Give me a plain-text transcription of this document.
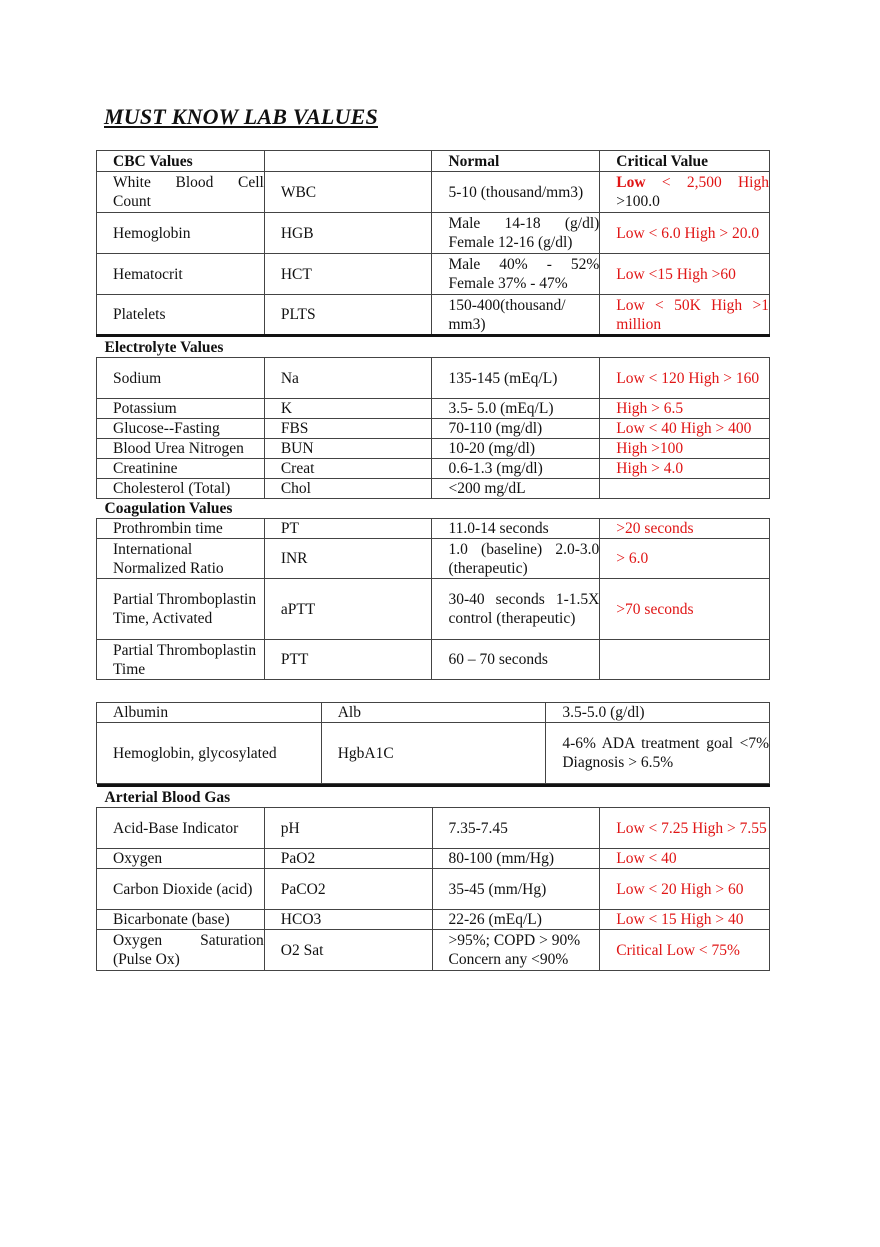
MUST KNOW LAB VALUES
CBC Values		Normal	Critical Value
White Blood Cell Count	WBC	5-10 (thousand/mm3)	Low < 2,500 High >100.0
Hemoglobin	HGB	Male 14-18 (g/dl) Female 12-16 (g/dl)	Low < 6.0 High > 20.0
Hematocrit	HCT	Male 40% - 52% Female 37% - 47%	Low <15 High >60
Platelets	PLTS	150-400(thousand/ mm3)	Low < 50K High >1 million
Electrolyte Values			
Sodium	Na	135-145 (mEq/L)	Low < 120 High > 160
Potassium	K	3.5- 5.0 (mEq/L)	High > 6.5
Glucose--Fasting	FBS	70-110 (mg/dl)	Low < 40 High > 400
Blood Urea Nitrogen	BUN	10-20 (mg/dl)	High >100
Creatinine	Creat	0.6-1.3 (mg/dl)	High > 4.0
Cholesterol (Total)	Chol	<200 mg/dL	
Coagulation Values			
Prothrombin time	PT	11.0-14 seconds	>20 seconds
International Normalized Ratio	INR	1.0 (baseline) 2.0-3.0 (therapeutic)	> 6.0
Partial Thromboplastin Time, Activated	aPTT	30-40 seconds 1-1.5X control (therapeutic)	>70 seconds
Partial Thromboplastin Time	PTT	60 – 70 seconds	
Albumin	Alb	3.5-5.0 (g/dl)
Hemoglobin, glycosylated	HgbA1C	4-6% ADA treatment goal <7% Diagnosis > 6.5%
Arterial Blood Gas			
Acid-Base Indicator	pH	7.35-7.45	Low < 7.25 High > 7.55
Oxygen	PaO2	80-100 (mm/Hg)	Low < 40
Carbon Dioxide (acid)	PaCO2	35-45 (mm/Hg)	Low < 20 High > 60
Bicarbonate (base)	HCO3	22-26 (mEq/L)	Low < 15 High > 40
Oxygen Saturation (Pulse Ox)	O2 Sat	>95%; COPD > 90% Concern any <90%	Critical Low < 75%
